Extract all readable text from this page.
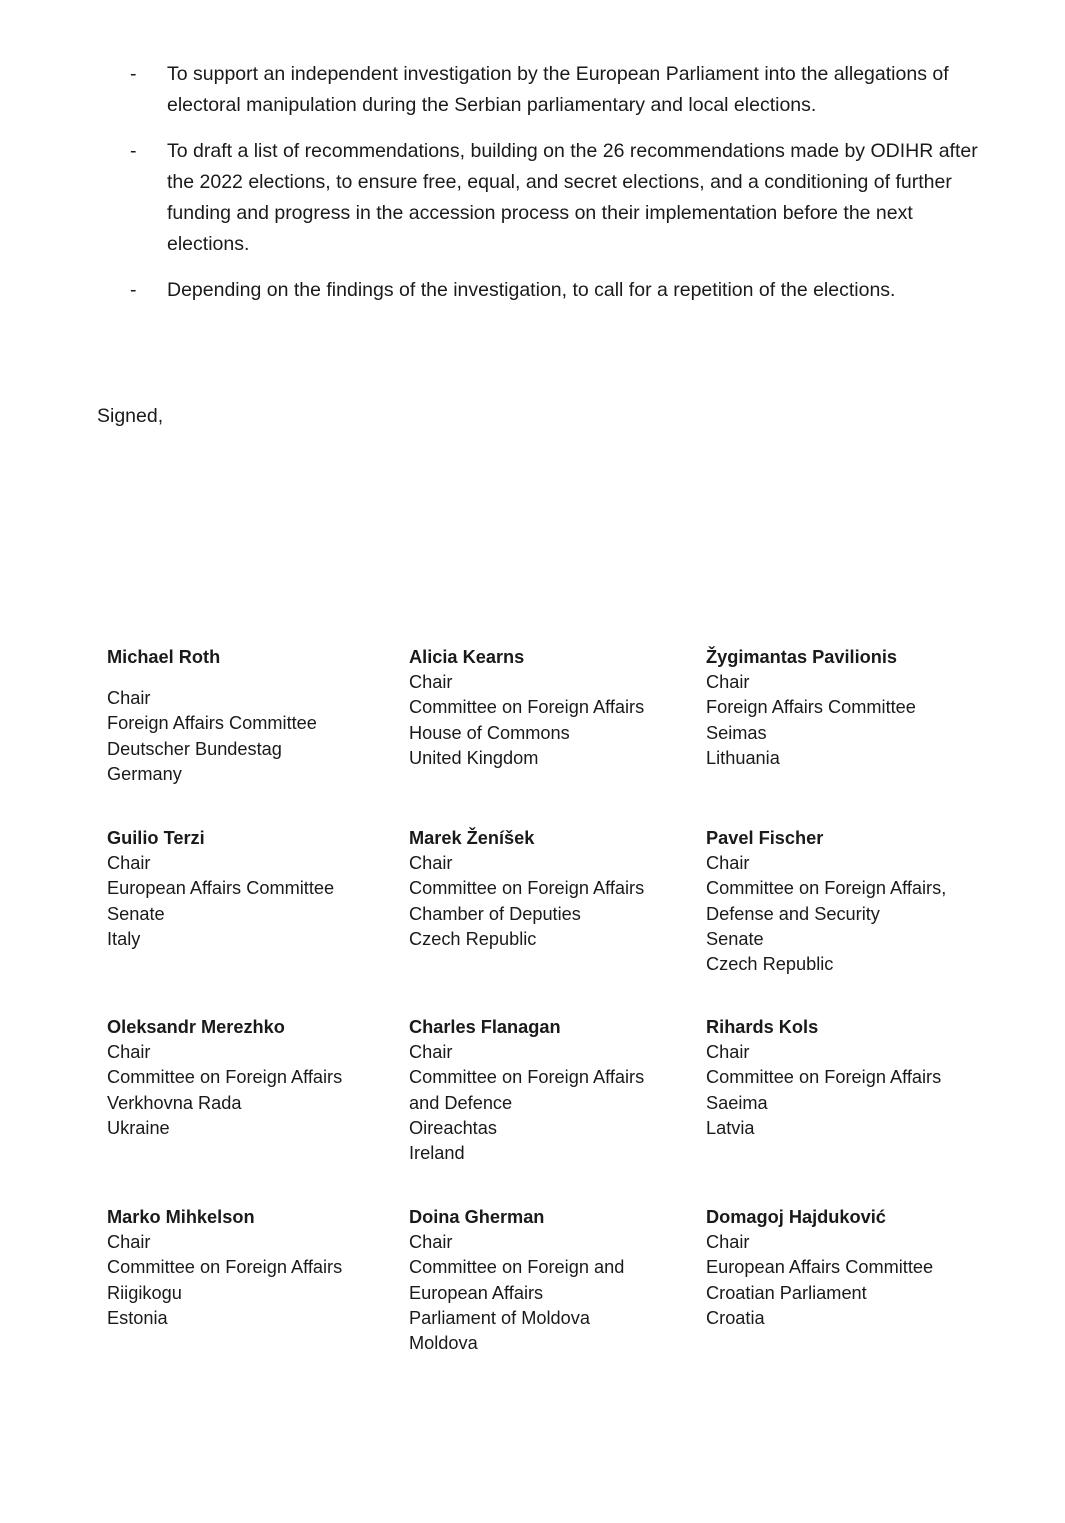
- To support an independent investigation by the European Parliament into the allegations of electoral manipulation during the Serbian parliamentary and local elections.
- To draft a list of recommendations, building on the 26 recommendations made by ODIHR after the 2022 elections, to ensure free, equal, and secret elections, and a conditioning of further funding and progress in the accession process on their implementation before the next elections.
- Depending on the findings of the investigation, to call for a repetition of the elections.
Signed,
Michael Roth
Chair
Foreign Affairs Committee
Deutscher Bundestag
Germany
Alicia Kearns
Chair
Committee on Foreign Affairs
House of Commons
United Kingdom
Žygimantas Pavilionis
Chair
Foreign Affairs Committee
Seimas
Lithuania
Guilio Terzi
Chair
European Affairs Committee
Senate
Italy
Marek Ženíšek
Chair
Committee on Foreign Affairs
Chamber of Deputies
Czech Republic
Pavel Fischer
Chair
Committee on Foreign Affairs,
Defense and Security
Senate
Czech Republic
Oleksandr Merezhko
Chair
Committee on Foreign Affairs
Verkhovna Rada
Ukraine
Charles Flanagan
Chair
Committee on Foreign Affairs
and Defence
Oireachtas
Ireland
Rihards Kols
Chair
Committee on Foreign Affairs
Saeima
Latvia
Marko Mihkelson
Chair
Committee on Foreign Affairs
Riigikogu
Estonia
Doina Gherman
Chair
Committee on Foreign and
European Affairs
Parliament of Moldova
Moldova
Domagoj Hajduković
Chair
European Affairs Committee
Croatian Parliament
Croatia
